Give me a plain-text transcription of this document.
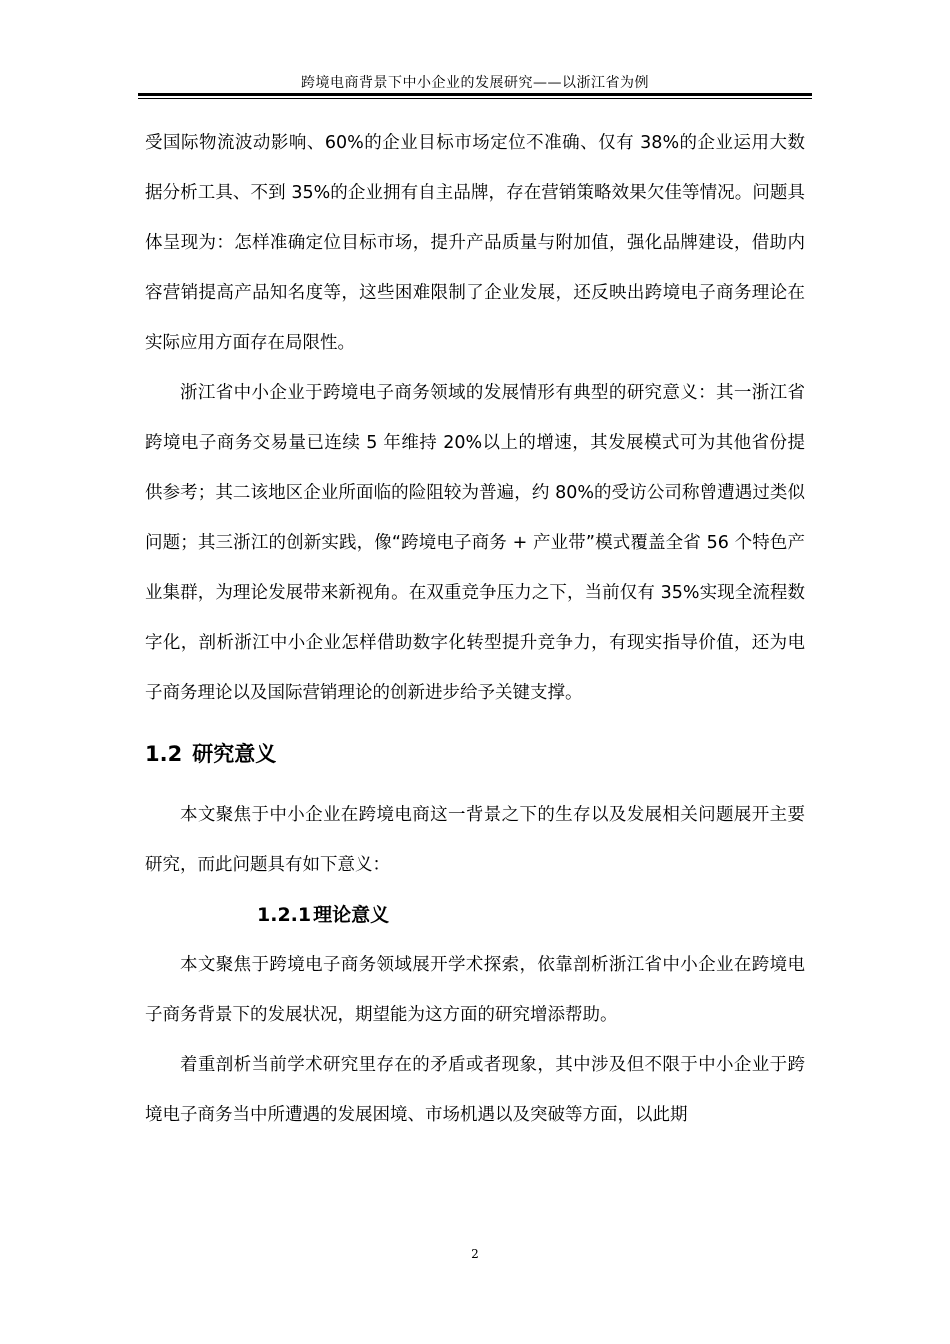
跨境电商背景下中小企业的发展研究——以浙江省为例

受国际物流波动影响、60%的企业目标市场定位不准确、仅有 38%的企业运用大数据分析工具、不到 35%的企业拥有自主品牌，存在营销策略效果欠佳等情况。问题具体呈现为：怎样准确定位目标市场，提升产品质量与附加值，强化品牌建设，借助内容营销提高产品知名度等，这些困难限制了企业发展，还反映出跨境电子商务理论在实际应用方面存在局限性。

浙江省中小企业于跨境电子商务领域的发展情形有典型的研究意义：其一浙江省跨境电子商务交易量已连续 5 年维持 20%以上的增速，其发展模式可为其他省份提供参考；其二该地区企业所面临的险阻较为普遍，约 80%的受访公司称曾遭遇过类似问题；其三浙江的创新实践，像“跨境电子商务 + 产业带”模式覆盖全省 56 个特色产业集群，为理论发展带来新视角。在双重竞争压力之下，当前仅有 35%实现全流程数字化，剖析浙江中小企业怎样借助数字化转型提升竞争力，有现实指导价值，还为电子商务理论以及国际营销理论的创新进步给予关键支撑。

1.2 研究意义

本文聚焦于中小企业在跨境电商这一背景之下的生存以及发展相关问题展开主要研究，而此问题具有如下意义：

1.2.1 理论意义

本文聚焦于跨境电子商务领域展开学术探索，依靠剖析浙江省中小企业在跨境电子商务背景下的发展状况，期望能为这方面的研究增添帮助。

着重剖析当前学术研究里存在的矛盾或者现象，其中涉及但不限于中小企业于跨境电子商务当中所遭遇的发展困境、市场机遇以及突破等方面，以此期

2
